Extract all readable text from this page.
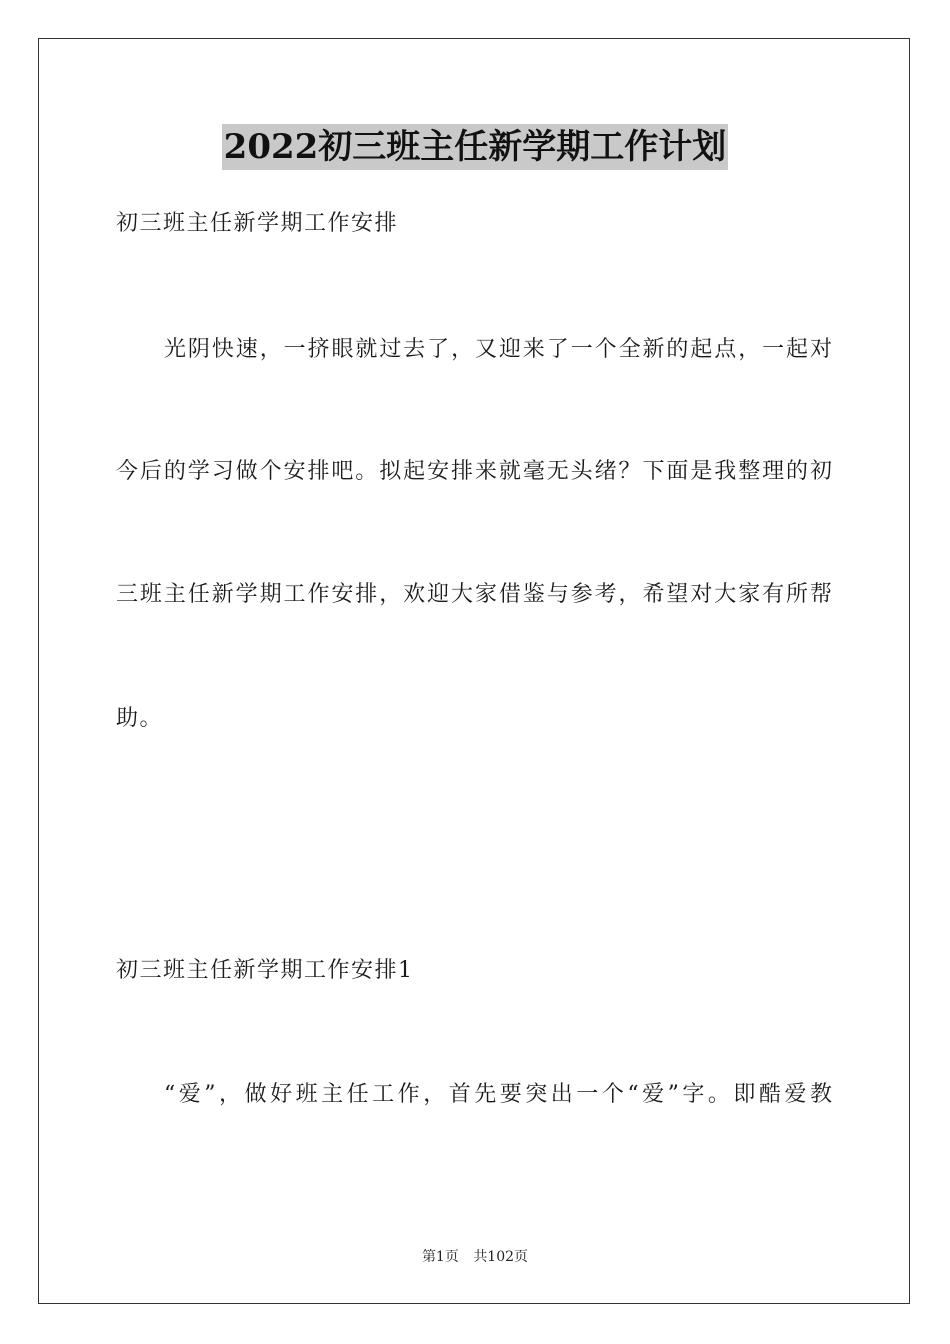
2022初三班主任新学期工作计划
初三班主任新学期工作安排
光阴快速，一挤眼就过去了，又迎来了一个全新的起点，一起对
今后的学习做个安排吧。拟起安排来就毫无头绪？下面是我整理的初
三班主任新学期工作安排，欢迎大家借鉴与参考，希望对大家有所帮
助。
初三班主任新学期工作安排1
“爱”，做好班主任工作，首先要突出一个“爱”字。即酷爱教
第1页 共102页
